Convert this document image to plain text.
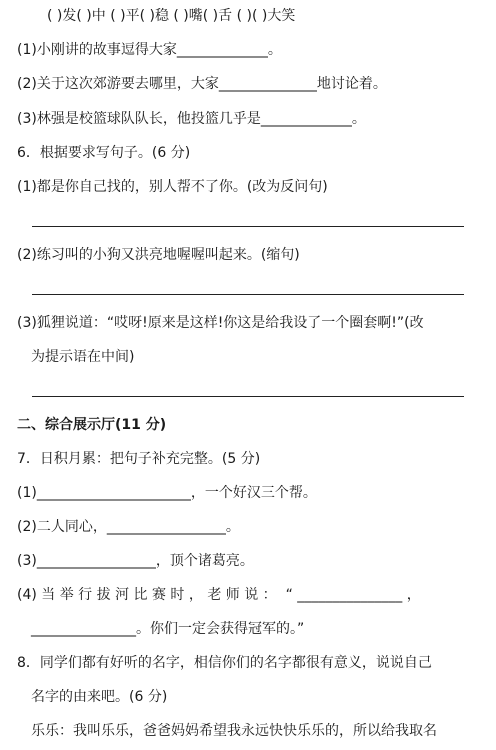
( )发( )中 ( )平( )稳 ( )嘴( )舌 ( )( )大笑
(1)小刚讲的故事逗得大家_____________。
(2)关于这次郊游要去哪里，大家______________地讨论着。
(3)林强是校篮球队队长，他投篮几乎是_____________。
6．根据要求写句子。(6 分)
(1)都是你自己找的，别人帮不了你。(改为反问句)
(2)练习叫的小狗又洪亮地喔喔叫起来。(缩句)
(3)狐狸说道：“哎呀!原来是这样!你这是给我设了一个圈套啊!”(改
为提示语在中间)
二、综合展示厅(11 分)
7．日积月累：把句子补充完整。(5 分)
(1)______________________，一个好汉三个帮。
(2)二人同心，_________________。
(3)_________________，顶个诸葛亮。
(4) 当 举 行 拔 河 比 赛 时 ， 老 师 说 ：  “ _______________ ，
_______________。你们一定会获得冠军的。”
8．同学们都有好听的名字，相信你们的名字都很有意义，说说自己
名字的由来吧。(6 分)
乐乐：我叫乐乐，爸爸妈妈希望我永远快快乐乐的，所以给我取名
